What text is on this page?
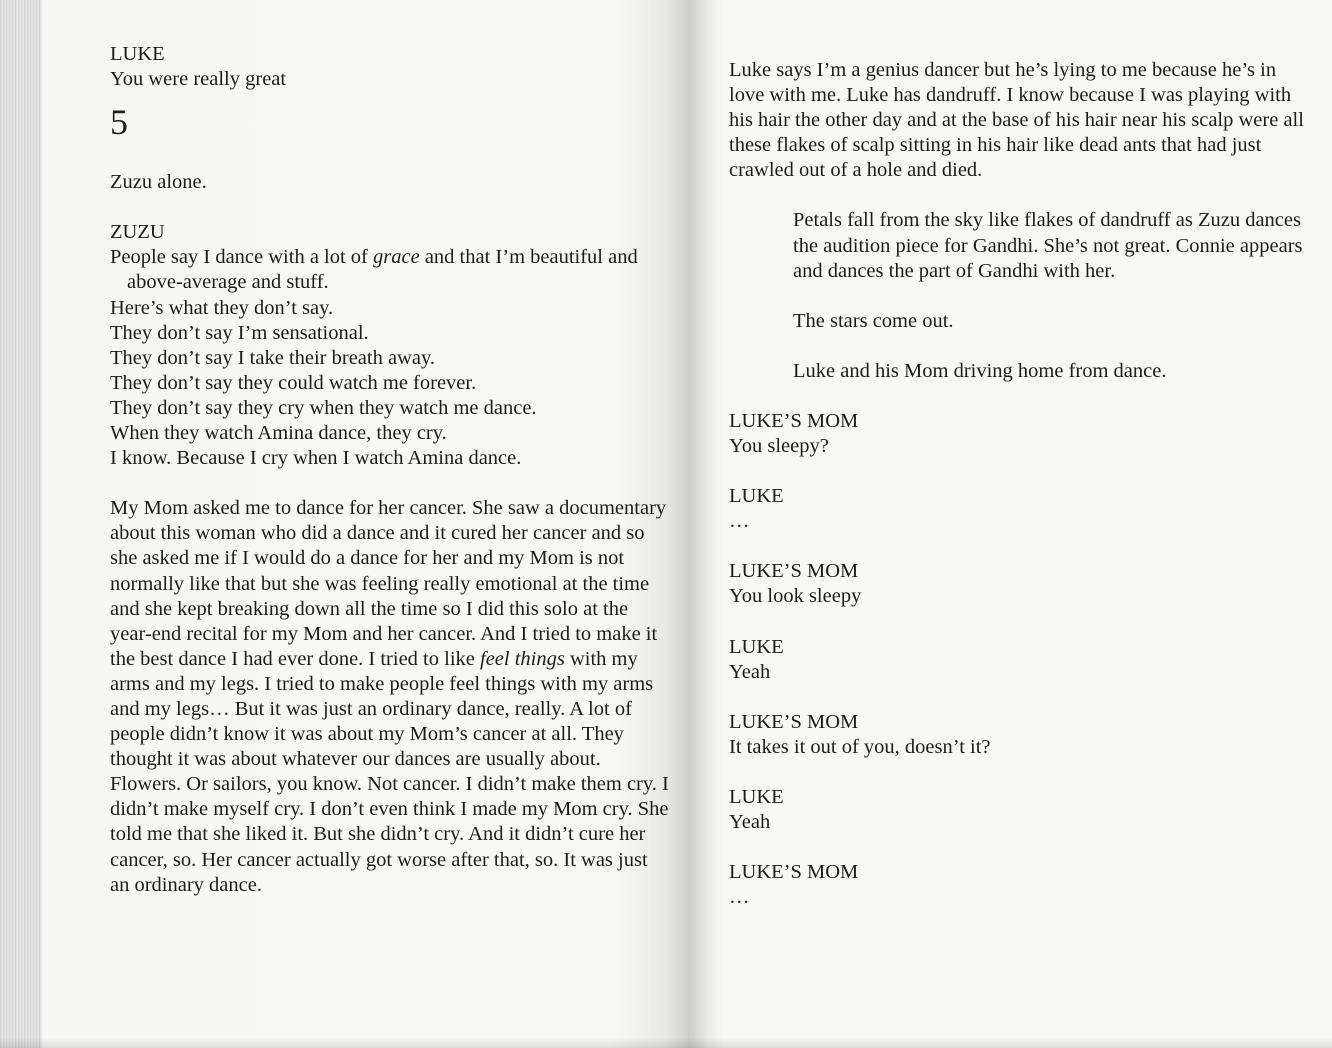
LUKE

You were really great

5

Zuzu alone.

ZUZU

People say I dance with a lot of grace and that I’m beautiful and above-average and stuff.

Here’s what they don’t say.

They don’t say I’m sensational.

They don’t say I take their breath away.

They don’t say they could watch me forever.

They don’t say they cry when they watch me dance.

When they watch Amina dance, they cry.

I know. Because I cry when I watch Amina dance.

My Mom asked me to dance for her cancer. She saw a documentary about this woman who did a dance and it cured her cancer and so she asked me if I would do a dance for her and my Mom is not normally like that but she was feeling really emotional at the time and she kept breaking down all the time so I did this solo at the year-end recital for my Mom and her cancer. And I tried to make it the best dance I had ever done. I tried to like feel things with my arms and my legs. I tried to make people feel things with my arms and my legs… But it was just an ordinary dance, really. A lot of people didn’t know it was about my Mom’s cancer at all. They thought it was about whatever our dances are usually about. Flowers. Or sailors, you know. Not cancer. I didn’t make them cry. I didn’t make myself cry. I don’t even think I made my Mom cry. She told me that she liked it. But she didn’t cry. And it didn’t cure her cancer, so. Her cancer actually got worse after that, so. It was just an ordinary dance.

Luke says I’m a genius dancer but he’s lying to me because he’s in love with me. Luke has dandruff. I know because I was playing with his hair the other day and at the base of his hair near his scalp were all these flakes of scalp sitting in his hair like dead ants that had just crawled out of a hole and died.

Petals fall from the sky like flakes of dandruff as Zuzu dances the audition piece for Gandhi. She’s not great. Connie appears and dances the part of Gandhi with her.

The stars come out.

Luke and his Mom driving home from dance.

LUKE’S MOM

You sleepy?

LUKE

…

LUKE’S MOM

You look sleepy

LUKE

Yeah

LUKE’S MOM

It takes it out of you, doesn’t it?

LUKE

Yeah

LUKE’S MOM

…
